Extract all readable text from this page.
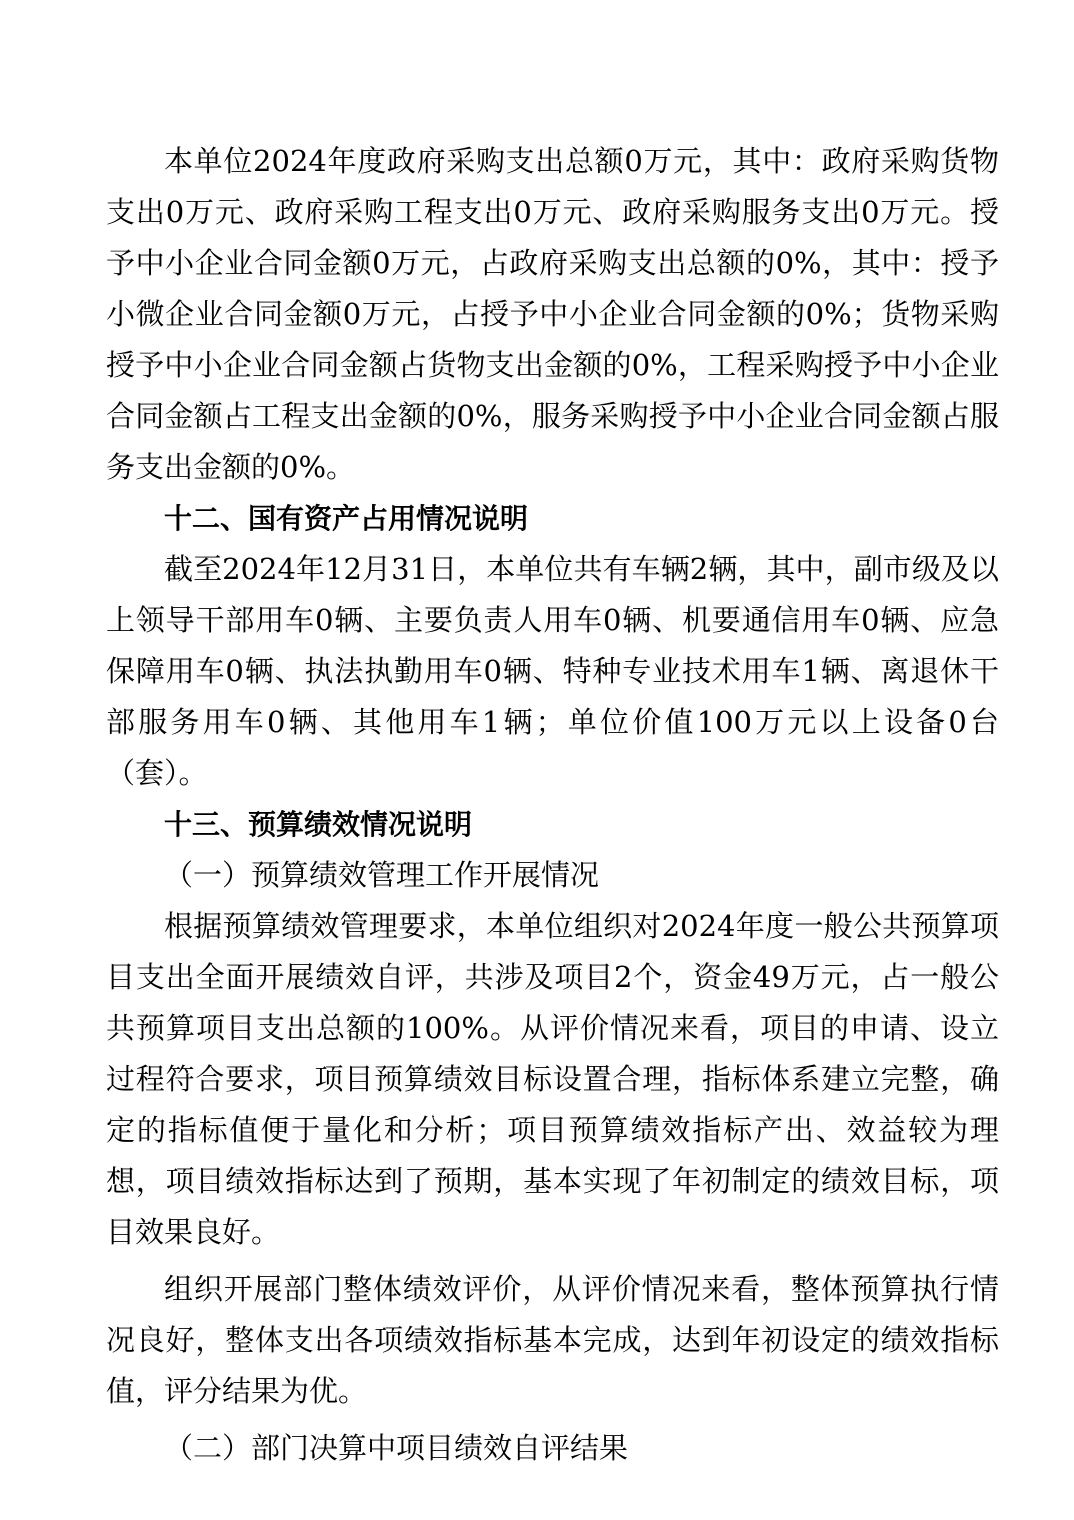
本单位2024年度政府采购支出总额0万元，其中：政府采购货物支出0万元、政府采购工程支出0万元、政府采购服务支出0万元。授予中小企业合同金额0万元，占政府采购支出总额的0%，其中：授予小微企业合同金额0万元，占授予中小企业合同金额的0%；货物采购授予中小企业合同金额占货物支出金额的0%，工程采购授予中小企业合同金额占工程支出金额的0%，服务采购授予中小企业合同金额占服务支出金额的0%。

十二、国有资产占用情况说明

截至2024年12月31日，本单位共有车辆2辆，其中，副市级及以上领导干部用车0辆、主要负责人用车0辆、机要通信用车0辆、应急保障用车0辆、执法执勤用车0辆、特种专业技术用车1辆、离退休干部服务用车0辆、其他用车1辆；单位价值100万元以上设备0台（套）。

十三、预算绩效情况说明

（一）预算绩效管理工作开展情况

根据预算绩效管理要求，本单位组织对2024年度一般公共预算项目支出全面开展绩效自评，共涉及项目2个，资金49万元，占一般公共预算项目支出总额的100%。从评价情况来看，项目的申请、设立过程符合要求，项目预算绩效目标设置合理，指标体系建立完整，确定的指标值便于量化和分析；项目预算绩效指标产出、效益较为理想，项目绩效指标达到了预期，基本实现了年初制定的绩效目标，项目效果良好。

组织开展部门整体绩效评价，从评价情况来看，整体预算执行情况良好，整体支出各项绩效指标基本完成，达到年初设定的绩效指标值，评分结果为优。

（二）部门决算中项目绩效自评结果
